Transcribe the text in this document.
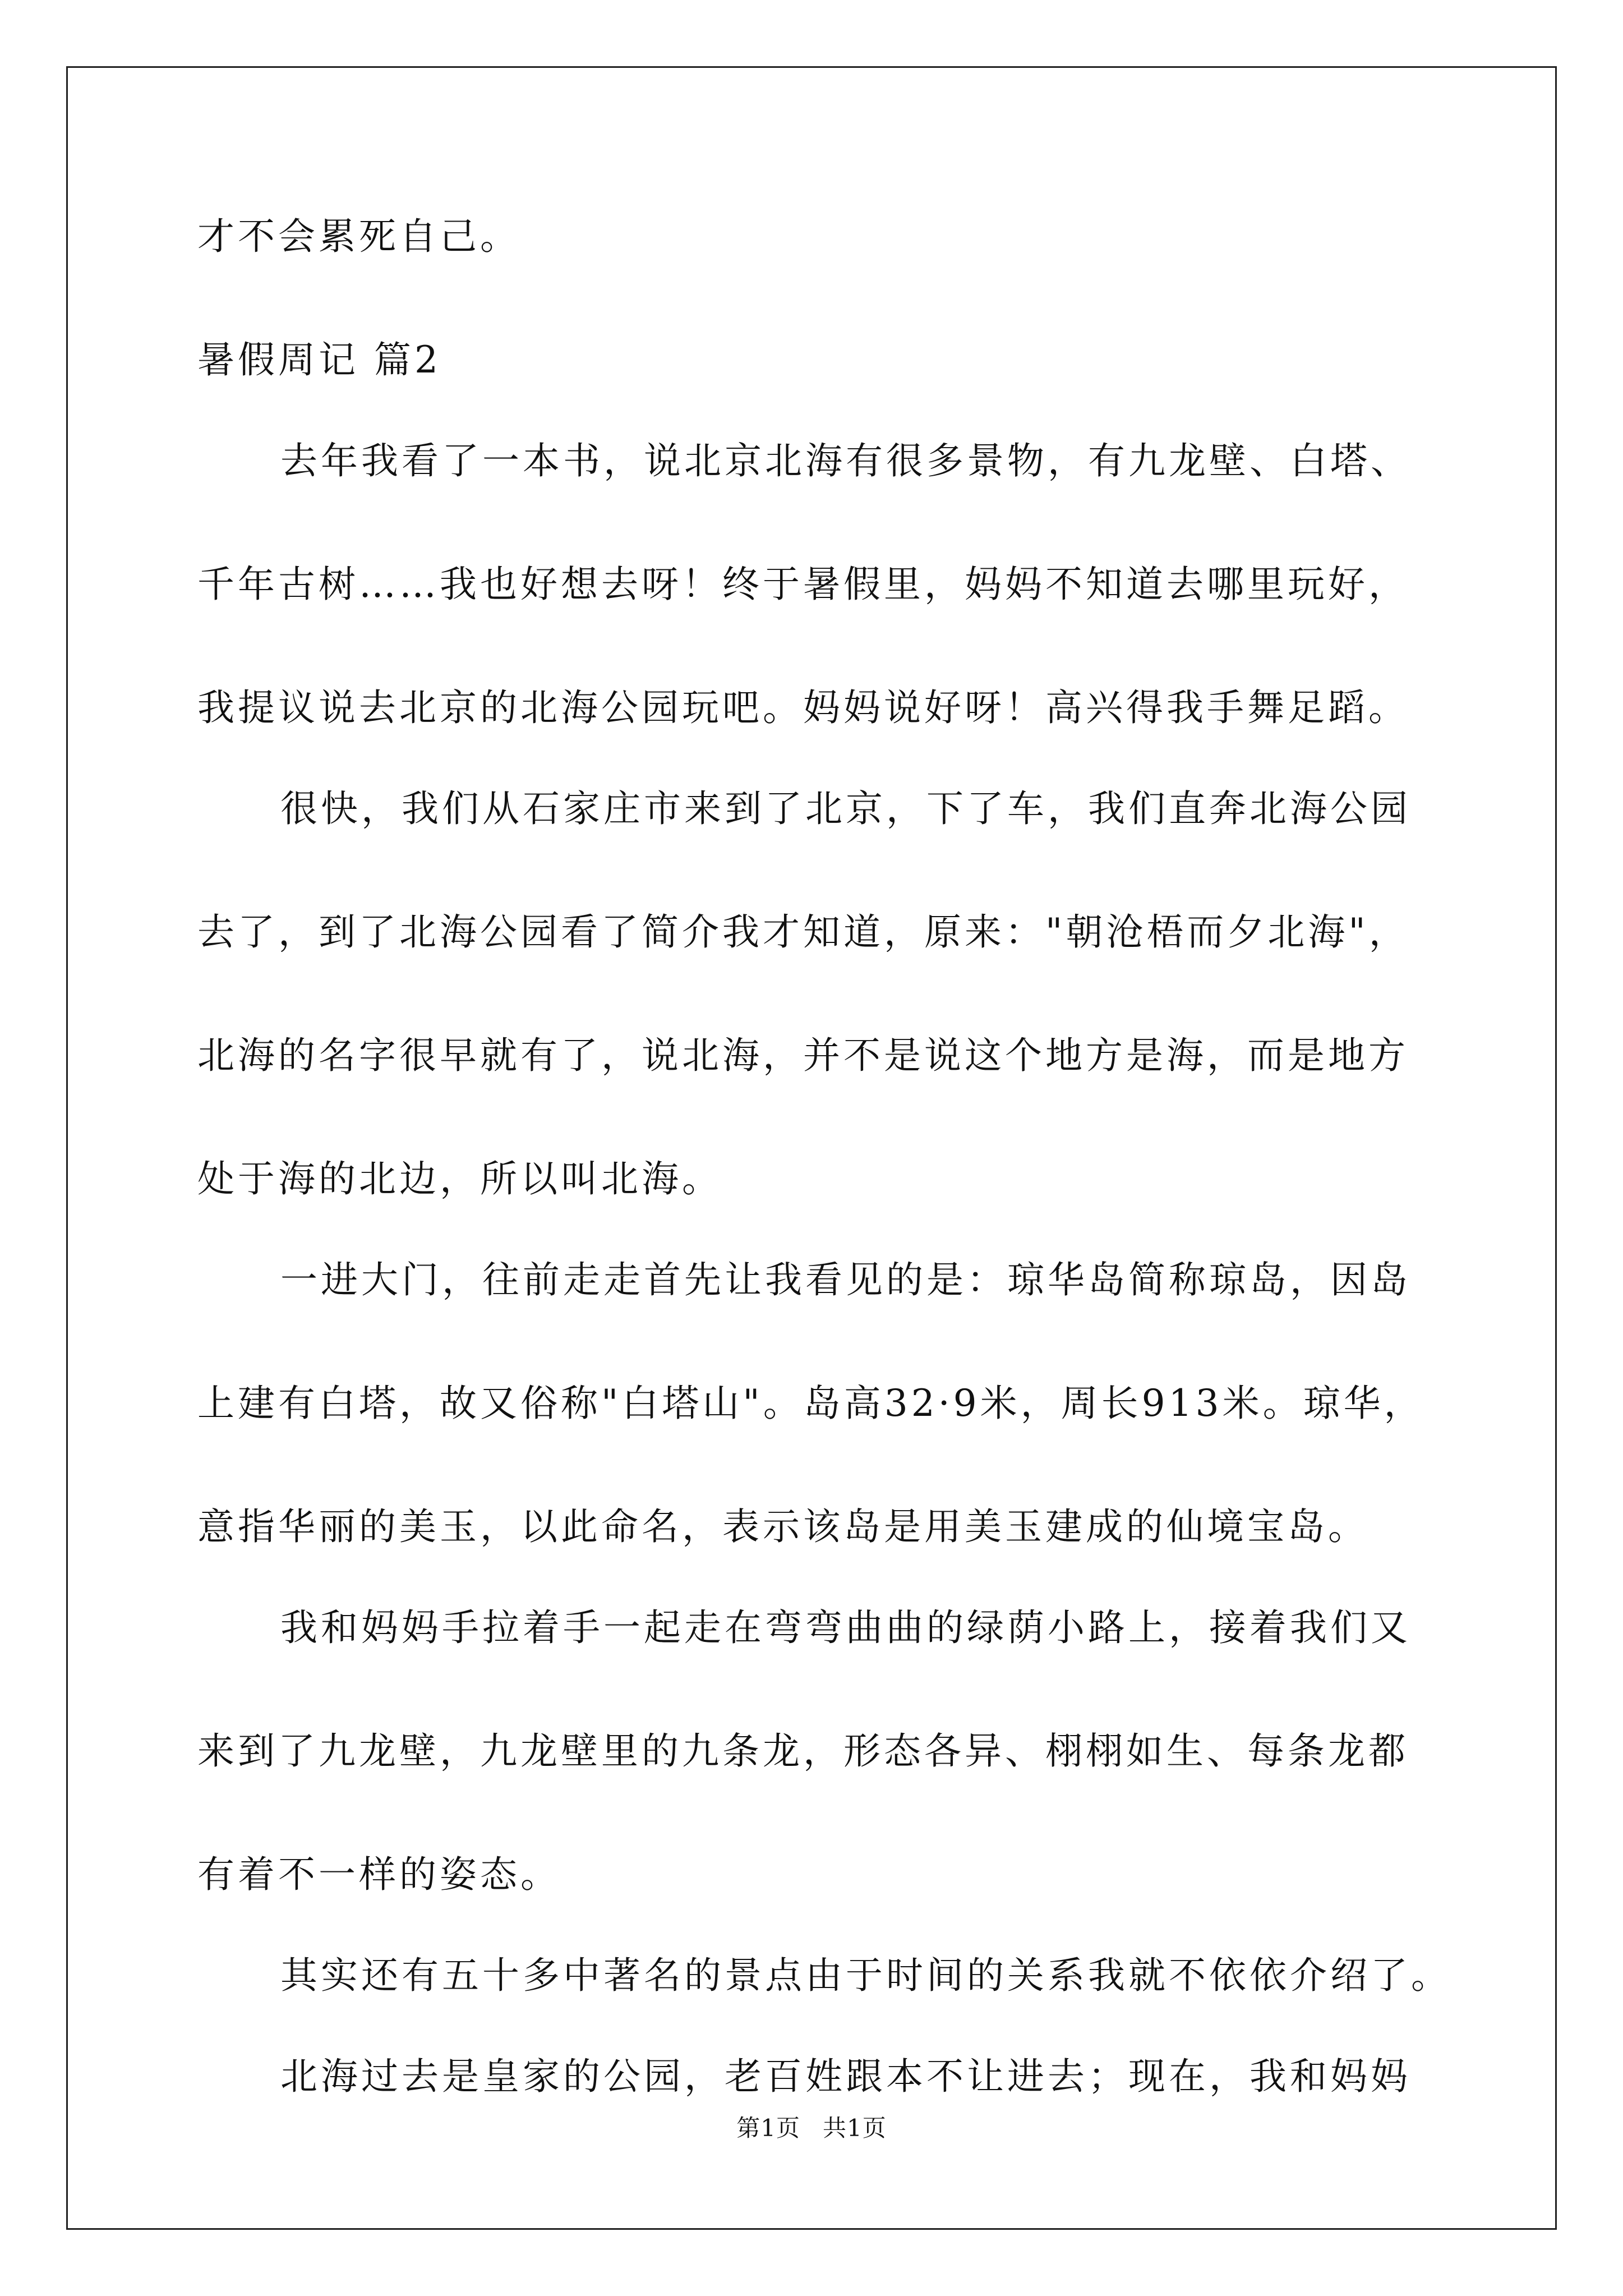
才不会累死自己。
暑假周记 篇2
去年我看了一本书，说北京北海有很多景物，有九龙壁、白塔、
千年古树……我也好想去呀！终于暑假里，妈妈不知道去哪里玩好，
我提议说去北京的北海公园玩吧。妈妈说好呀！高兴得我手舞足蹈。
很快，我们从石家庄市来到了北京，下了车，我们直奔北海公园
去了，到了北海公园看了简介我才知道，原来："朝沧梧而夕北海"，
北海的名字很早就有了，说北海，并不是说这个地方是海，而是地方
处于海的北边，所以叫北海。
一进大门，往前走走首先让我看见的是：琼华岛简称琼岛，因岛
上建有白塔，故又俗称"白塔山"。岛高32·9米，周长913米。琼华，
意指华丽的美玉，以此命名，表示该岛是用美玉建成的仙境宝岛。
我和妈妈手拉着手一起走在弯弯曲曲的绿荫小路上，接着我们又
来到了九龙壁，九龙壁里的九条龙，形态各异、栩栩如生、每条龙都
有着不一样的姿态。
其实还有五十多中著名的景点由于时间的关系我就不依依介绍了。
北海过去是皇家的公园，老百姓跟本不让进去；现在，我和妈妈
第1页 共1页
